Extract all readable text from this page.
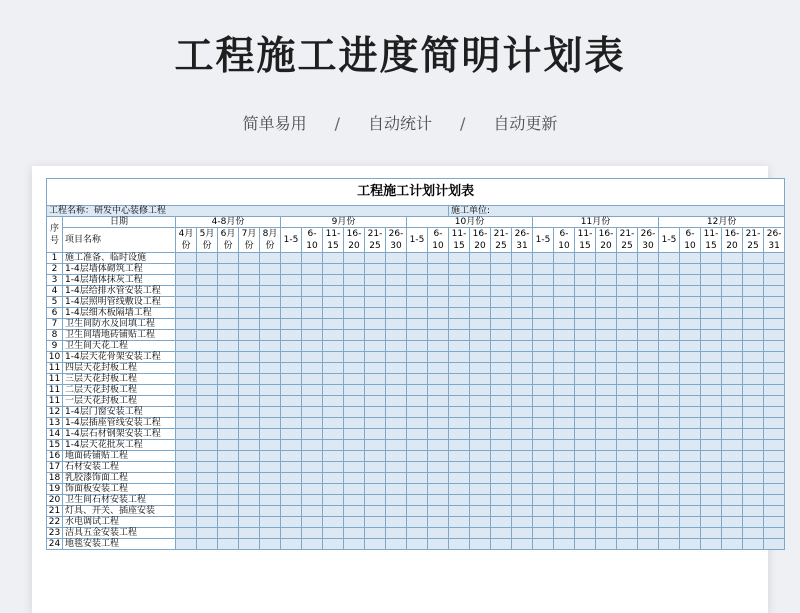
工程施工进度简明计划表
简单易用 / 自动统计 / 自动更新
工程施工计划计划表																														
工程名称：研发中心装修工程															施工单位:															
序号	日期	4-8月份					9月份						10月份						11月份						12月份					
	项目名称	4月份	5月份	6月份	7月份	8月份	1-5	6-10	11-15	16-20	21-25	26-30	1-5	6-10	11-15	16-20	21-25	26-31	1-5	6-10	11-15	16-20	21-25	26-30	1-5	6-10	11-15	16-20	21-25	26-31
1	施工准备、临时设施																													
2	1-4层墙体砌筑工程																													
3	1-4层墙体抹灰工程																													
4	1-4层给排水管安装工程																													
5	1-4层照明管线敷设工程																													
6	1-4层细木板隔墙工程																													
7	卫生间防水及回填工程																													
8	卫生间墙地砖铺贴工程																													
9	卫生间天花工程																													
10	1-4层天花骨架安装工程																													
11	四层天花封板工程																													
11	三层天花封板工程																													
11	二层天花封板工程																													
11	一层天花封板工程																													
12	1-4层门窗安装工程																													
13	1-4层插座管线安装工程																													
14	1-4层石材钢架安装工程																													
15	1-4层天花批灰工程																													
16	地面砖铺贴工程																													
17	石材安装工程																													
18	乳胶漆饰面工程																													
19	饰面板安装工程																													
20	卫生间石材安装工程																													
21	灯具、开关、插座安装																													
22	水电调试工程																													
23	洁具五金安装工程																													
24	地毯安装工程																													
